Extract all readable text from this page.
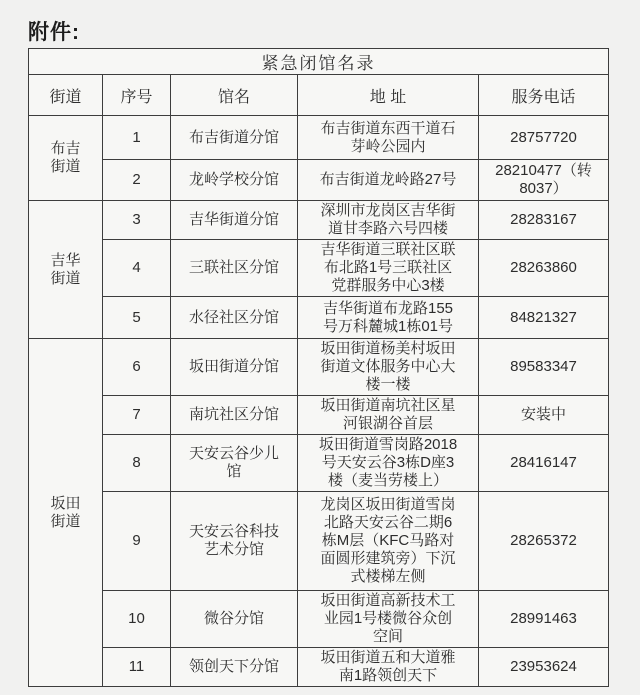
附件:
紧急闭馆名录				
街道	序号	馆名	地 址	服务电话

布吉街道	1	布吉街道分馆	布吉街道东西干道石芽岭公园内	28757720

	2	龙岭学校分馆	布吉街道龙岭路27号	28210477（转8037）

吉华街道	3	吉华街道分馆	深圳市龙岗区吉华街道甘李路六号四楼	28283167

	4	三联社区分馆	吉华街道三联社区联布北路1号三联社区党群服务中心3楼	28263860

	5	水径社区分馆	吉华街道布龙路155号万科麓城1栋01号	84821327

坂田街道	6	坂田街道分馆	坂田街道杨美村坂田街道文体服务中心大楼一楼	89583347

	7	南坑社区分馆	坂田街道南坑社区星河银湖谷首层	安装中

	8	天安云谷少儿馆	坂田街道雪岗路2018号天安云谷3栋D座3楼（麦当劳楼上）	28416147

	9	天安云谷科技艺术分馆	龙岗区坂田街道雪岗北路天安云谷二期6栋M层（KFC马路对面圆形建筑旁）下沉式楼梯左侧	28265372

	10	微谷分馆	坂田街道高新技术工业园1号楼微谷众创空间	28991463

	11	领创天下分馆	坂田街道五和大道雅南1路领创天下	23953624
